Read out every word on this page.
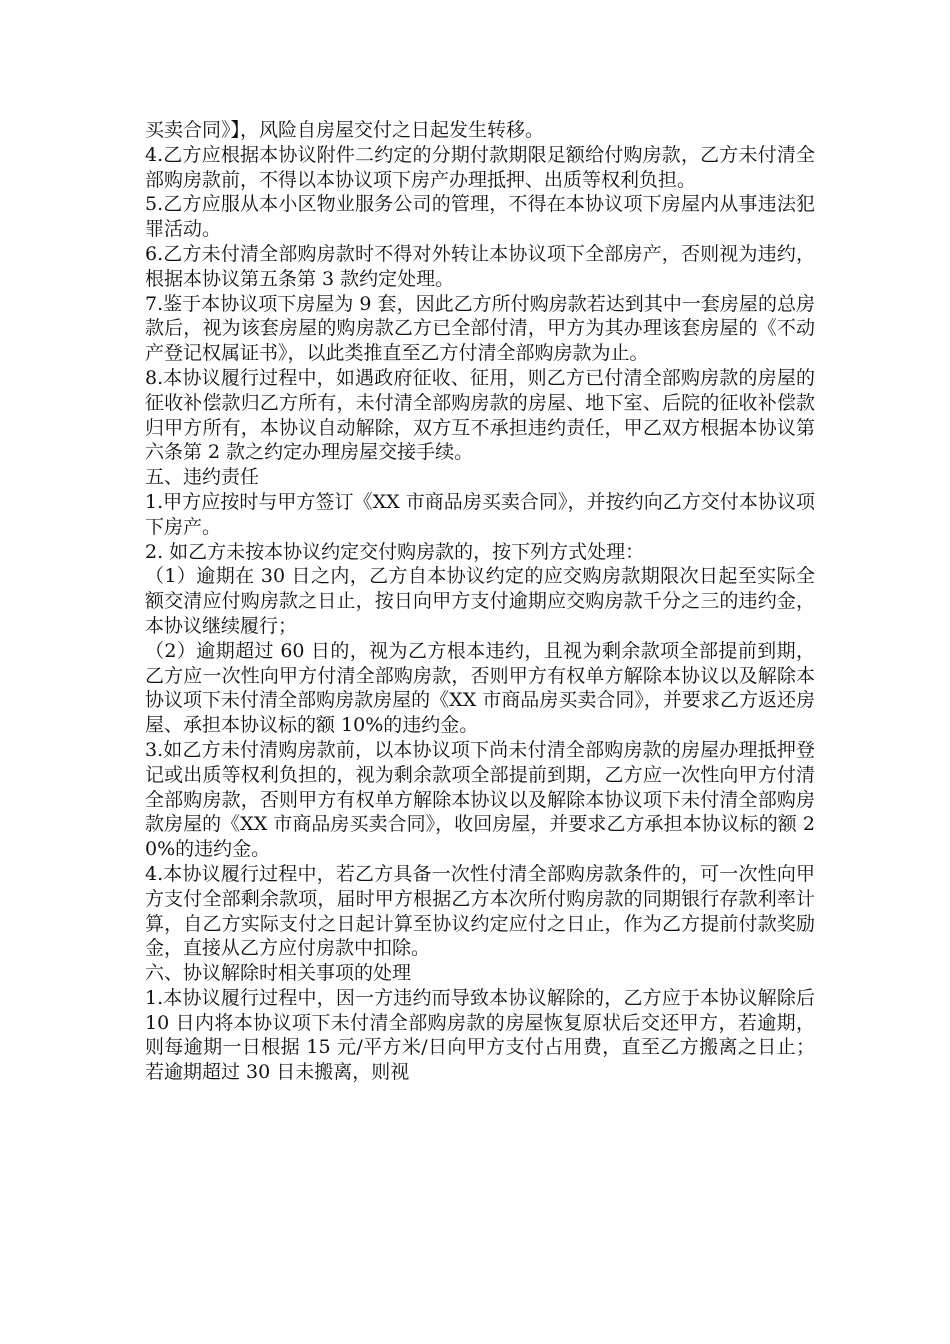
买卖合同》】，风险自房屋交付之日起发生转移。

4.乙方应根据本协议附件二约定的分期付款期限足额给付购房款，乙方未付清全部购房款前，不得以本协议项下房产办理抵押、出质等权利负担。

5.乙方应服从本小区物业服务公司的管理，不得在本协议项下房屋内从事违法犯罪活动。

6.乙方未付清全部购房款时不得对外转让本协议项下全部房产，否则视为违约，根据本协议第五条第 3 款约定处理。

7.鉴于本协议项下房屋为 9 套，因此乙方所付购房款若达到其中一套房屋的总房款后，视为该套房屋的购房款乙方已全部付清，甲方为其办理该套房屋的《不动产登记权属证书》，以此类推直至乙方付清全部购房款为止。

8.本协议履行过程中，如遇政府征收、征用，则乙方已付清全部购房款的房屋的征收补偿款归乙方所有，未付清全部购房款的房屋、地下室、后院的征收补偿款归甲方所有，本协议自动解除，双方互不承担违约责任，甲乙双方根据本协议第六条第 2 款之约定办理房屋交接手续。

五、违约责任

1.甲方应按时与甲方签订《XX 市商品房买卖合同》，并按约向乙方交付本协议项下房产。

2. 如乙方未按本协议约定交付购房款的，按下列方式处理：

（1）逾期在 30 日之内，乙方自本协议约定的应交购房款期限次日起至实际全额交清应付购房款之日止，按日向甲方支付逾期应交购房款千分之三的违约金，本协议继续履行；

（2）逾期超过 60 日的，视为乙方根本违约，且视为剩余款项全部提前到期，乙方应一次性向甲方付清全部购房款，否则甲方有权单方解除本协议以及解除本协议项下未付清全部购房款房屋的《XX 市商品房买卖合同》，并要求乙方返还房屋、承担本协议标的额 10%的违约金。

3.如乙方未付清购房款前，以本协议项下尚未付清全部购房款的房屋办理抵押登记或出质等权利负担的，视为剩余款项全部提前到期，乙方应一次性向甲方付清全部购房款，否则甲方有权单方解除本协议以及解除本协议项下未付清全部购房款房屋的《XX 市商品房买卖合同》，收回房屋，并要求乙方承担本协议标的额 20%的违约金。

4.本协议履行过程中，若乙方具备一次性付清全部购房款条件的，可一次性向甲方支付全部剩余款项，届时甲方根据乙方本次所付购房款的同期银行存款利率计算，自乙方实际支付之日起计算至协议约定应付之日止，作为乙方提前付款奖励金，直接从乙方应付房款中扣除。

六、协议解除时相关事项的处理

1.本协议履行过程中，因一方违约而导致本协议解除的，乙方应于本协议解除后 10 日内将本协议项下未付清全部购房款的房屋恢复原状后交还甲方，若逾期，则每逾期一日根据 15 元/平方米/日向甲方支付占用费，直至乙方搬离之日止；若逾期超过 30 日未搬离，则视
